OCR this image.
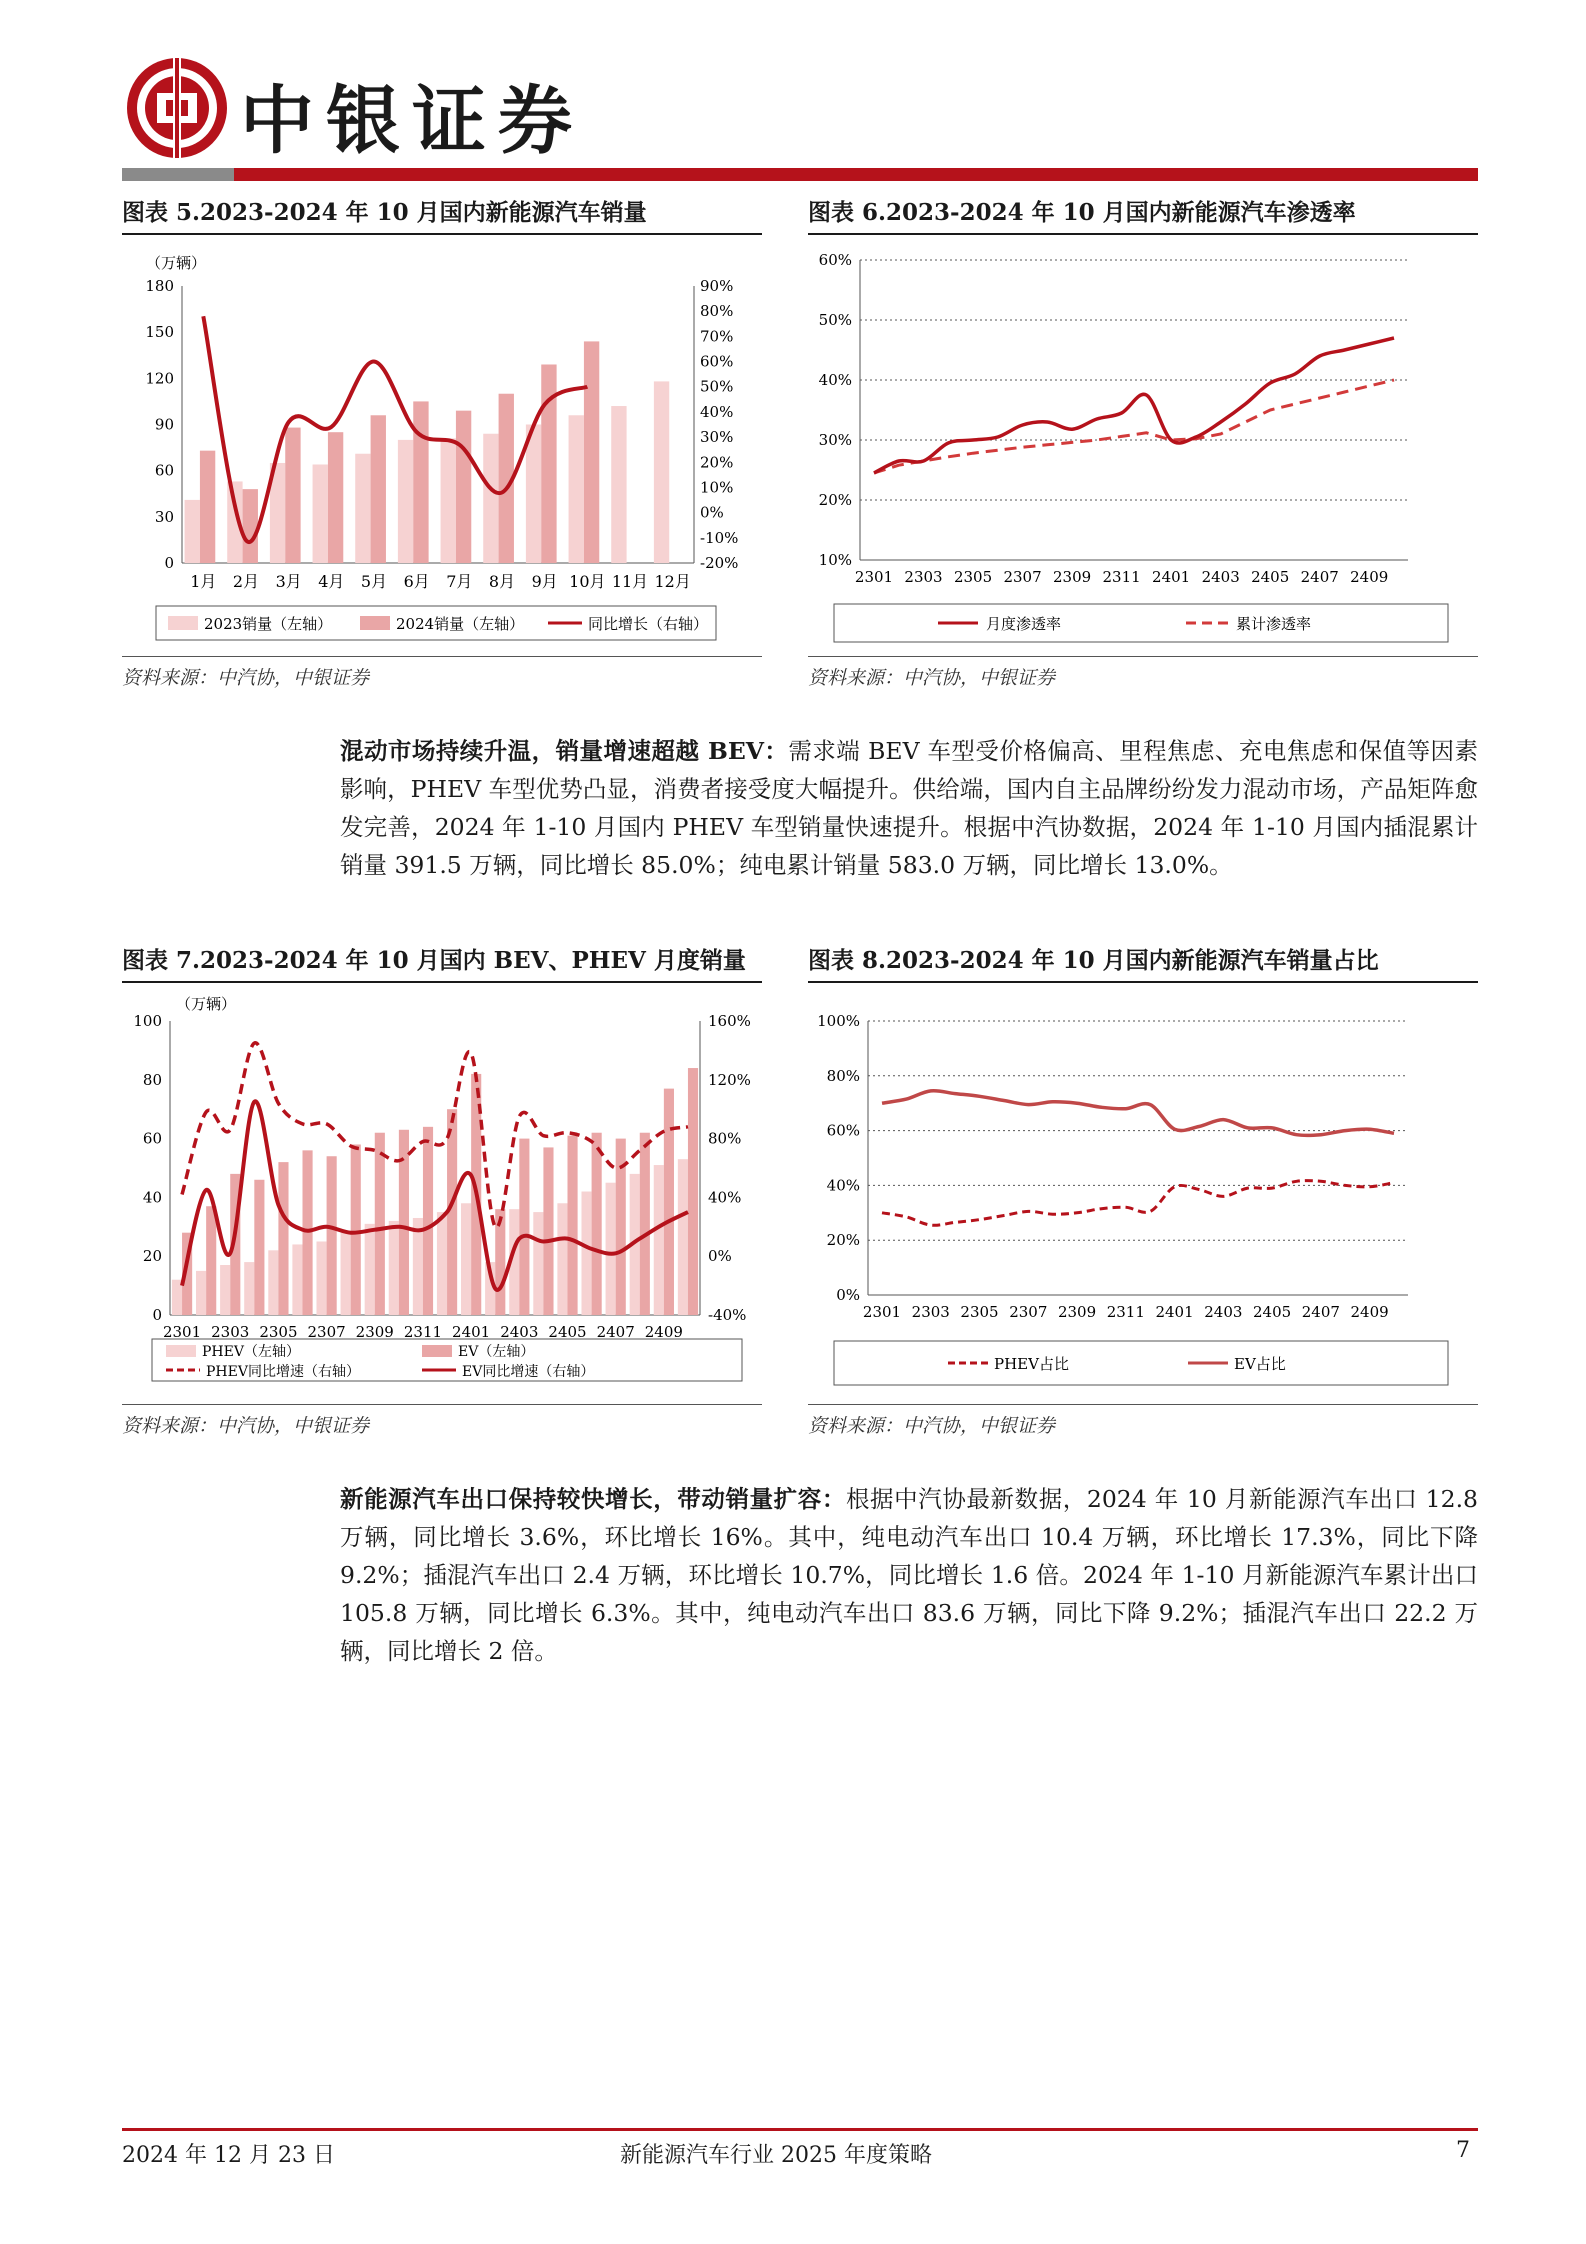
中银证券
图表 5.2023-2024 年 10 月国内新能源汽车销量	图表 6.2023-2024 年 10 月国内新能源汽车渗透率
图表 7.2023-2024 年 10 月国内 BEV、PHEV 月度销量	图表 8.2023-2024 年 10 月国内新能源汽车销量占比
（万辆）
0
30
60
90
120
150
180
-20%
-10%
0%
10%
20%
30%
40%
50%
60%
70%
80%
90%
1月 2月 3月 4月 5月 6月 7月 8月 9月 10月 11月 12月
2023销量（左轴）	2024销量（左轴）	同比增长（右轴）
10%
20%
30%
40%
50%
60%
2301 2303 2305 2307 2309 2311 2401 2403 2405 2407 2409
月度渗透率	累计渗透率
（万辆）
0
20
40
60
80
100
-40%
0%
40%
80%
120%
160%
2301 2303 2305 2307 2309 2311 2401 2403 2405 2407 2409
PHEV（左轴）	EV（左轴）
PHEV同比增速（右轴）	EV同比增速（右轴）
0%
20%
40%
60%
80%
100%
2301 2303 2305 2307 2309 2311 2401 2403 2405 2407 2409
PHEV占比	EV占比
资料来源：中汽协，中银证券	资料来源：中汽协，中银证券
资料来源：中汽协，中银证券	资料来源：中汽协，中银证券
混动市场持续升温，销量增速超越 BEV：需求端 BEV 车型受价格偏高、里程焦虑、充电焦虑和保值等因素影响，PHEV 车型优势凸显，消费者接受度大幅提升。供给端，国内自主品牌纷纷发力混动市场，产品矩阵愈发完善，2024 年 1-10 月国内 PHEV 车型销量快速提升。根据中汽协数据，2024 年 1-10 月国内插混累计销量 391.5 万辆，同比增长 85.0%；纯电累计销量 583.0 万辆，同比增长 13.0%。
新能源汽车出口保持较快增长，带动销量扩容：根据中汽协最新数据，2024 年 10 月新能源汽车出口 12.8 万辆，同比增长 3.6%，环比增长 16%。其中，纯电动汽车出口 10.4 万辆，环比增长 17.3%，同比下降 9.2%；插混汽车出口 2.4 万辆，环比增长 10.7%，同比增长 1.6 倍。2024 年 1-10 月新能源汽车累计出口 105.8 万辆，同比增长 6.3%。其中，纯电动汽车出口 83.6 万辆，同比下降 9.2%；插混汽车出口 22.2 万辆，同比增长 2 倍。
2024 年 12 月 23 日	新能源汽车行业 2025 年度策略	7
